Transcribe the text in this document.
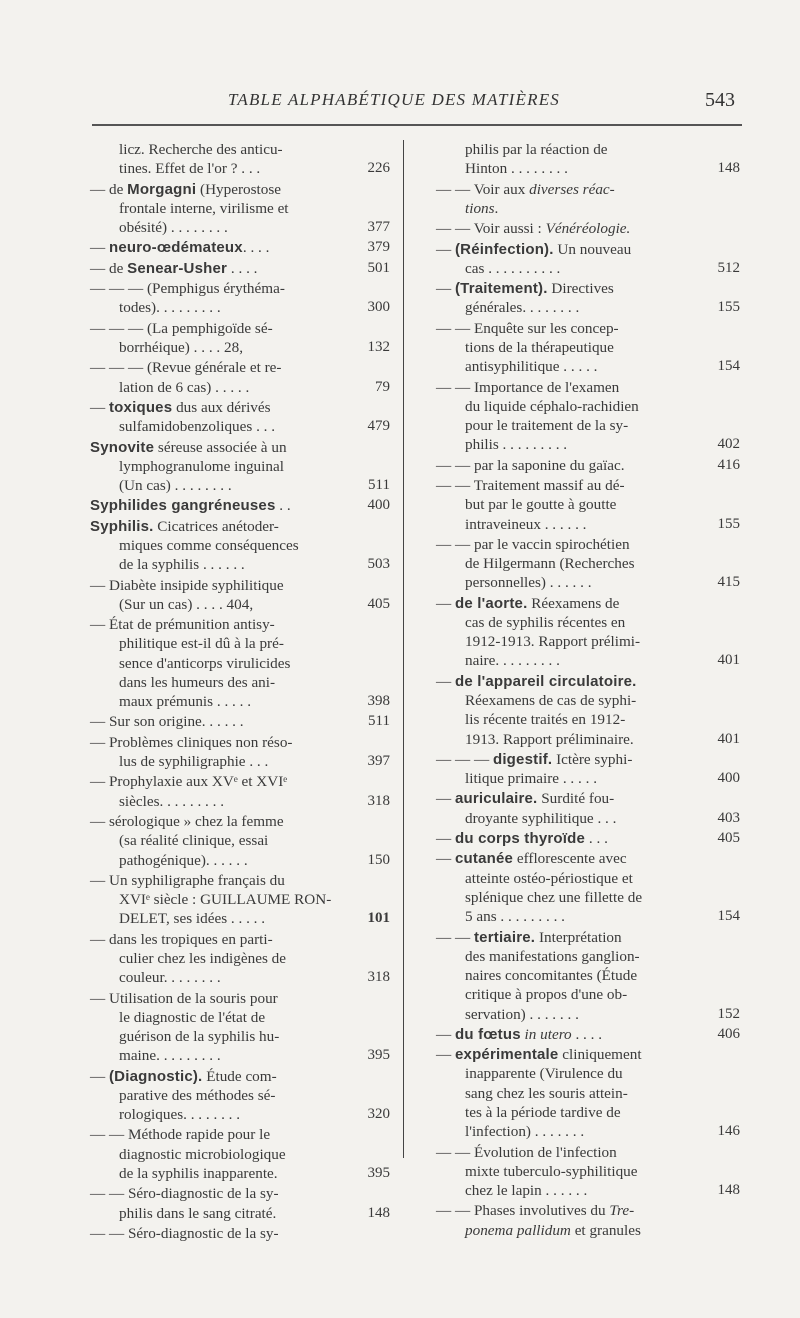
TABLE ALPHABÉTIQUE DES MATIÈRES	543
licz. Recherche des anticu-
tines. Effet de l'or ? . . .	226
— de Morgagni (Hyperostose
frontale interne, virilisme et
obésité) . . . . . . . .	377
— neuro-œdémateux. . . .	379
— de Senear-Usher . . . .	501
— — — (Pemphigus érythéma-
todes). . . . . . . . .	300
— — — (La pemphigoïde sé-
borrhéique) . . . . 28,	132
— — — (Revue générale et re-
lation de 6 cas) . . . . .	79
— toxiques dus aux dérivés
sulfamidobenzoliques . . .	479
Synovite séreuse associée à un
lymphogranulome inguinal
(Un cas) . . . . . . . .	511
Syphilides gangréneuses . .	400
Syphilis. Cicatrices anétoder-
miques comme conséquences
de la syphilis . . . . . .	503
— Diabète insipide syphilitique
(Sur un cas) . . . . 404,	405
— État de prémunition antisy-
philitique est-il dû à la pré-
sence d'anticorps virulicides
dans les humeurs des ani-
maux prémunis . . . . .	398
— Sur son origine. . . . . .	511
— Problèmes cliniques non réso-
lus de syphiligraphie . . .	397
— Prophylaxie aux XVᵉ et XVIᵉ
siècles. . . . . . . . .	318
— sérologique » chez la femme
(sa réalité clinique, essai
pathogénique). . . . . .	150
— Un syphiligraphe français du
XVIᵉ siècle : GUILLAUME RON-
DELET, ses idées . . . . .	101
— dans les tropiques en parti-
culier chez les indigènes de
couleur. . . . . . . .	318
— Utilisation de la souris pour
le diagnostic de l'état de
guérison de la syphilis hu-
maine. . . . . . . . .	395
— (Diagnostic). Étude com-
parative des méthodes sé-
rologiques. . . . . . . .	320
— — Méthode rapide pour le
diagnostic microbiologique
de la syphilis inapparente.	395
— — Séro-diagnostic de la sy-
philis dans le sang citraté.	148
— — Séro-diagnostic de la sy-
philis par la réaction de
Hinton . . . . . . . .	148
— — Voir aux diverses réac-
tions.
— — Voir aussi : Vénéréologie.
— (Réinfection). Un nouveau
cas . . . . . . . . . .	512
— (Traitement). Directives
générales. . . . . . . .	155
— — Enquête sur les concep-
tions de la thérapeutique
antisyphilitique . . . . .	154
— — Importance de l'examen
du liquide céphalo-rachidien
pour le traitement de la sy-
philis . . . . . . . . .	402
— — par la saponine du gaïac.	416
— — Traitement massif au dé-
but par le goutte à goutte
intraveineux . . . . . .	155
— — par le vaccin spirochétien
de Hilgermann (Recherches
personnelles) . . . . . .	415
— de l'aorte. Réexamens de
cas de syphilis récentes en
1912-1913. Rapport prélimi-
naire. . . . . . . . .	401
— de l'appareil circulatoire.
Réexamens de cas de syphi-
lis récente traités en 1912-
1913. Rapport préliminaire.	401
— — — digestif. Ictère syphi-
litique primaire . . . . .	400
— auriculaire. Surdité fou-
droyante syphilitique . . .	403
— du corps thyroïde . . .	405
— cutanée efflorescente avec
atteinte ostéo-périostique et
splénique chez une fillette de
5 ans . . . . . . . . .	154
— — tertiaire. Interprétation
des manifestations ganglion-
naires concomitantes (Étude
critique à propos d'une ob-
servation) . . . . . . .	152
— du fœtus in utero . . . .	406
— expérimentale cliniquement
inapparente (Virulence du
sang chez les souris attein-
tes à la période tardive de
l'infection) . . . . . . .	146
— — Évolution de l'infection
mixte tuberculo-syphilitique
chez le lapin . . . . . .	148
— — Phases involutives du Tre-
ponema pallidum et granules
